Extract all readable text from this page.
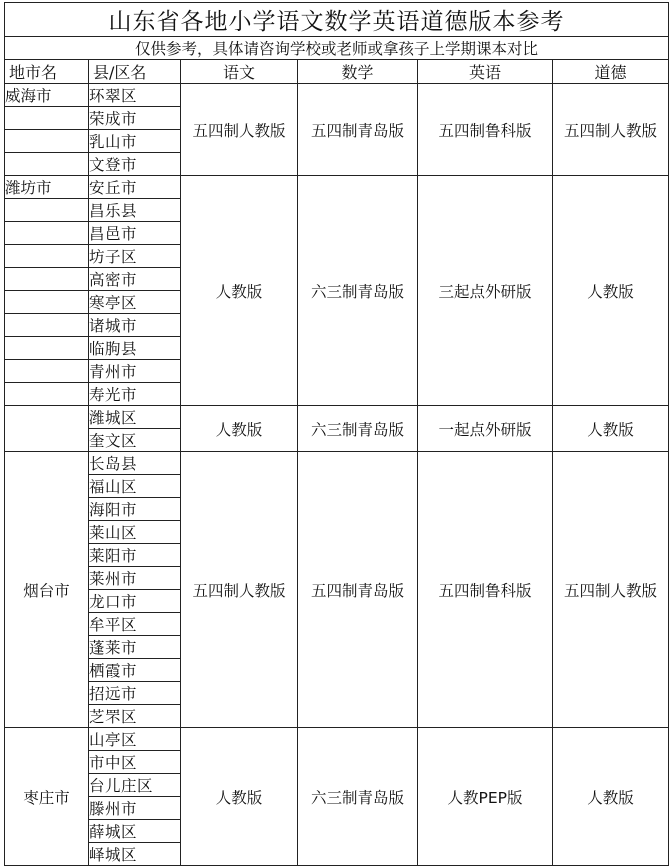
山东省各地小学语文数学英语道德版本参考					
仅供参考，具体请咨询学校或老师或拿孩子上学期课本对比					
地市名	县/区名	语文	数学	英语	道德
威海市	环翠区	五四制人教版	五四制青岛版	五四制鲁科版	五四制人教版
	荣成市				
	乳山市				
	文登市				
潍坊市	安丘市	人教版	六三制青岛版	三起点外研版	人教版
	昌乐县				
	昌邑市				
	坊子区				
	高密市				
	寒亭区				
	诸城市				
	临朐县				
	青州市				
	寿光市				
	潍城区	人教版	六三制青岛版	一起点外研版	人教版
	奎文区				
烟台市	长岛县	五四制人教版	五四制青岛版	五四制鲁科版	五四制人教版
	福山区				
	海阳市				
	莱山区				
	莱阳市				
	莱州市				
	龙口市				
	牟平区				
	蓬莱市				
	栖霞市				
	招远市				
	芝罘区				
枣庄市	山亭区	人教版	六三制青岛版	人教PEP版	人教版
	市中区				
	台儿庄区				
	滕州市				
	薛城区				
	峄城区				
